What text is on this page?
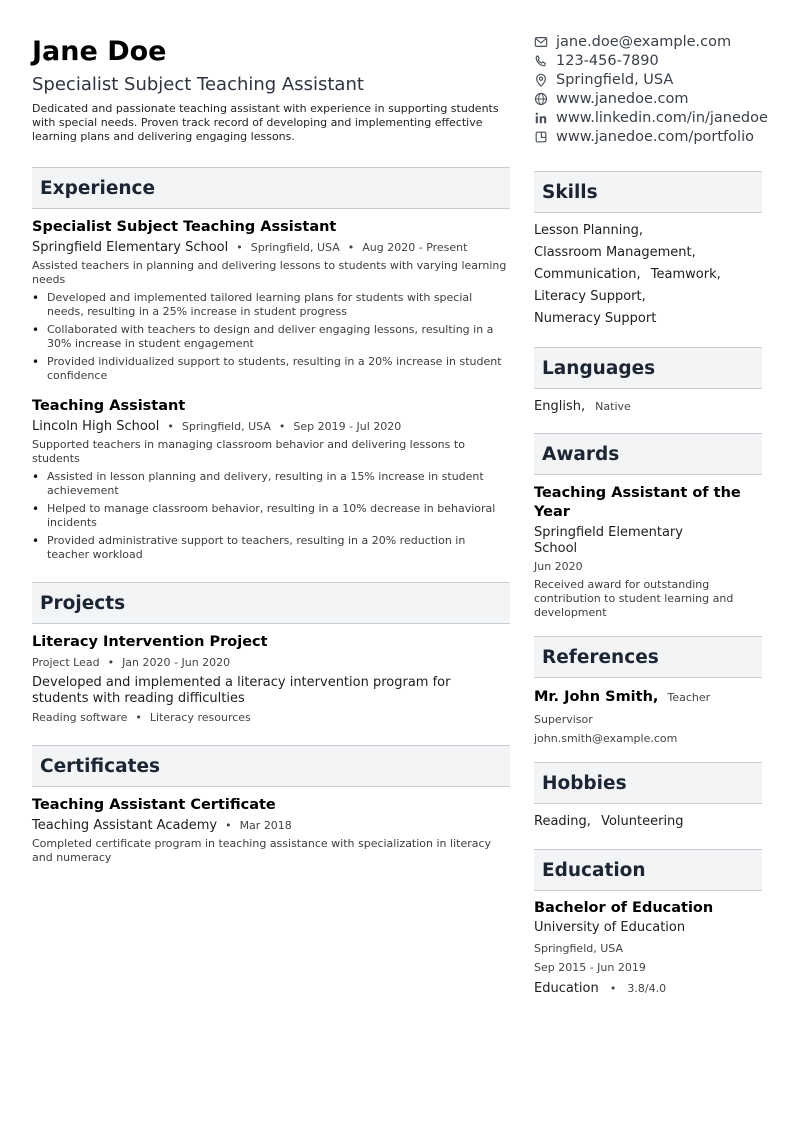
Jane Doe
Specialist Subject Teaching Assistant

Dedicated and passionate teaching assistant with experience in supporting students with special needs. Proven track record of developing and implementing effective learning plans and delivering engaging lessons.

Experience
Specialist Subject Teaching Assistant
Springfield Elementary School • Springfield, USA • Aug 2020 - Present

Assisted teachers in planning and delivering lessons to students with varying learning needs

• Developed and implemented tailored learning plans for students with special needs, resulting in a 25% increase in student progress
• Collaborated with teachers to design and deliver engaging lessons, resulting in a 30% increase in student engagement
• Provided individualized support to students, resulting in a 20% increase in student confidence
Teaching Assistant
Lincoln High School • Springfield, USA • Sep 2019 - Jul 2020

Supported teachers in managing classroom behavior and delivering lessons to students

• Assisted in lesson planning and delivery, resulting in a 15% increase in student achievement
• Helped to manage classroom behavior, resulting in a 10% decrease in behavioral incidents
• Provided administrative support to teachers, resulting in a 20% reduction in teacher workload
Projects
Literacy Intervention Project
Project Lead • Jan 2020 - Jun 2020

Developed and implemented a literacy intervention program for students with reading difficulties

Reading software • Literacy resources
Certificates
Teaching Assistant Certificate
Teaching Assistant Academy • Mar 2018

Completed certificate program in teaching assistance with specialization in literacy and numeracy

jane.doe@example.com
123-456-7890
Springfield, USA
www.janedoe.com
www.linkedin.com/in/janedoe
www.janedoe.com/portfolio
Skills
Lesson Planning,
Classroom Management,
Communication, Teamwork,
Literacy Support,
Numeracy Support
Languages
English, Native
Awards
Teaching Assistant of the Year
Springfield Elementary School
Jun 2020

Received award for outstanding contribution to student learning and development

References
Mr. John Smith, Teacher Supervisor
john.smith@example.com
Hobbies
Reading, Volunteering
Education
Bachelor of Education
University of Education
Springfield, USA
Sep 2015 - Jun 2019
Education • 3.8/4.0
